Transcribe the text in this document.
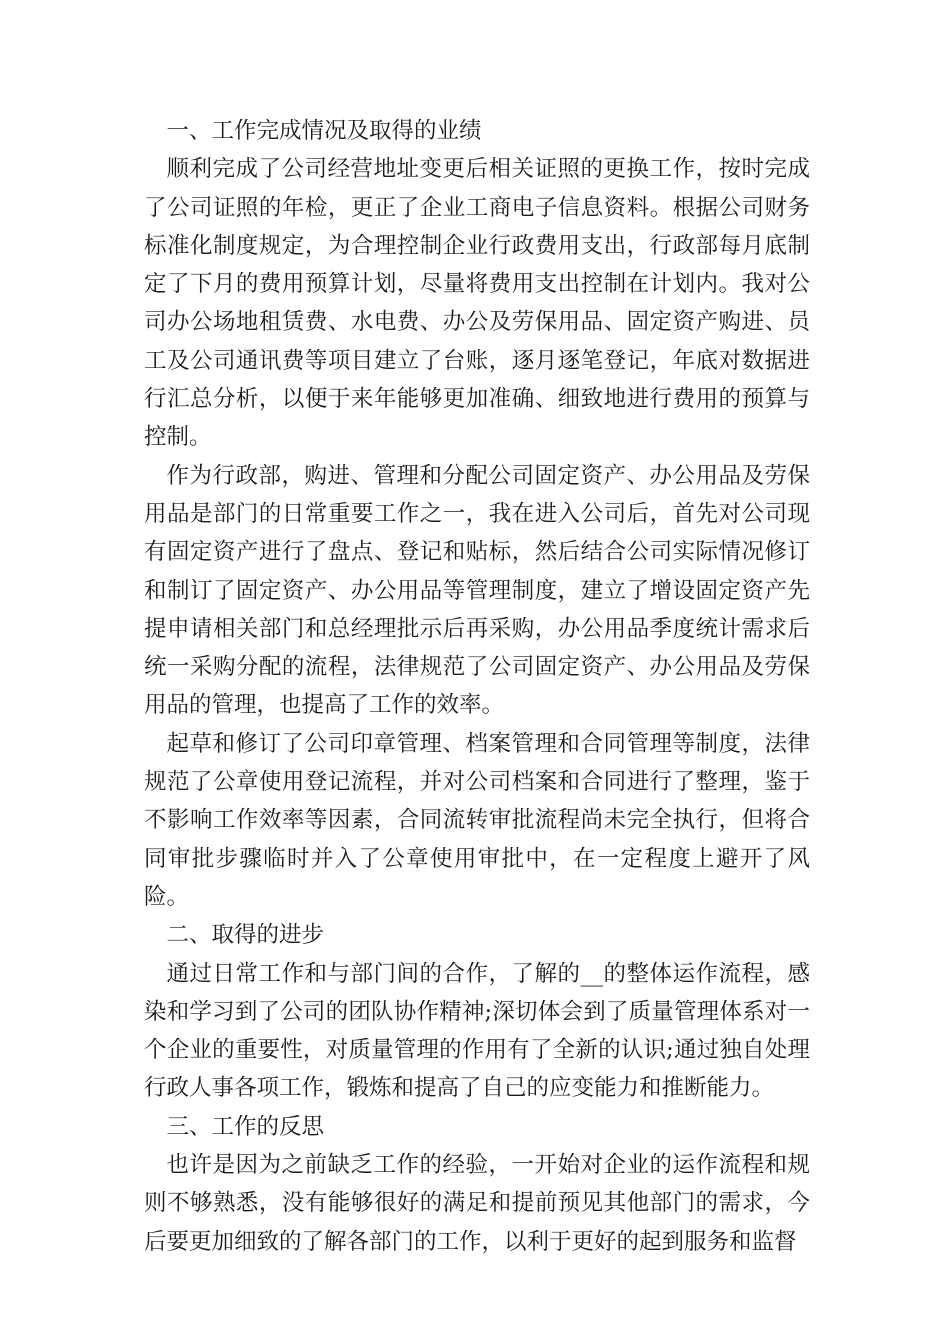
一、工作完成情况及取得的业绩

顺利完成了公司经营地址变更后相关证照的更换工作，按时完成了公司证照的年检，更正了企业工商电子信息资料。根据公司财务标准化制度规定，为合理控制企业行政费用支出，行政部每月底制定了下月的费用预算计划，尽量将费用支出控制在计划内。我对公司办公场地租赁费、水电费、办公及劳保用品、固定资产购进、员工及公司通讯费等项目建立了台账，逐月逐笔登记，年底对数据进行汇总分析，以便于来年能够更加准确、细致地进行费用的预算与控制。

作为行政部，购进、管理和分配公司固定资产、办公用品及劳保用品是部门的日常重要工作之一，我在进入公司后，首先对公司现有固定资产进行了盘点、登记和贴标，然后结合公司实际情况修订和制订了固定资产、办公用品等管理制度，建立了增设固定资产先提申请相关部门和总经理批示后再采购，办公用品季度统计需求后统一采购分配的流程，法律规范了公司固定资产、办公用品及劳保用品的管理，也提高了工作的效率。

起草和修订了公司印章管理、档案管理和合同管理等制度，法律规范了公章使用登记流程，并对公司档案和合同进行了整理，鉴于不影响工作效率等因素，合同流转审批流程尚未完全执行，但将合同审批步骤临时并入了公章使用审批中，在一定程度上避开了风险。

二、取得的进步

通过日常工作和与部门间的合作，了解的__的整体运作流程，感染和学习到了公司的团队协作精神;深切体会到了质量管理体系对一个企业的重要性，对质量管理的作用有了全新的认识;通过独自处理行政人事各项工作，锻炼和提高了自己的应变能力和推断能力。

三、工作的反思

也许是因为之前缺乏工作的经验，一开始对企业的运作流程和规则不够熟悉，没有能够很好的满足和提前预见其他部门的需求，今后要更加细致的了解各部门的工作，以利于更好的起到服务和监督
